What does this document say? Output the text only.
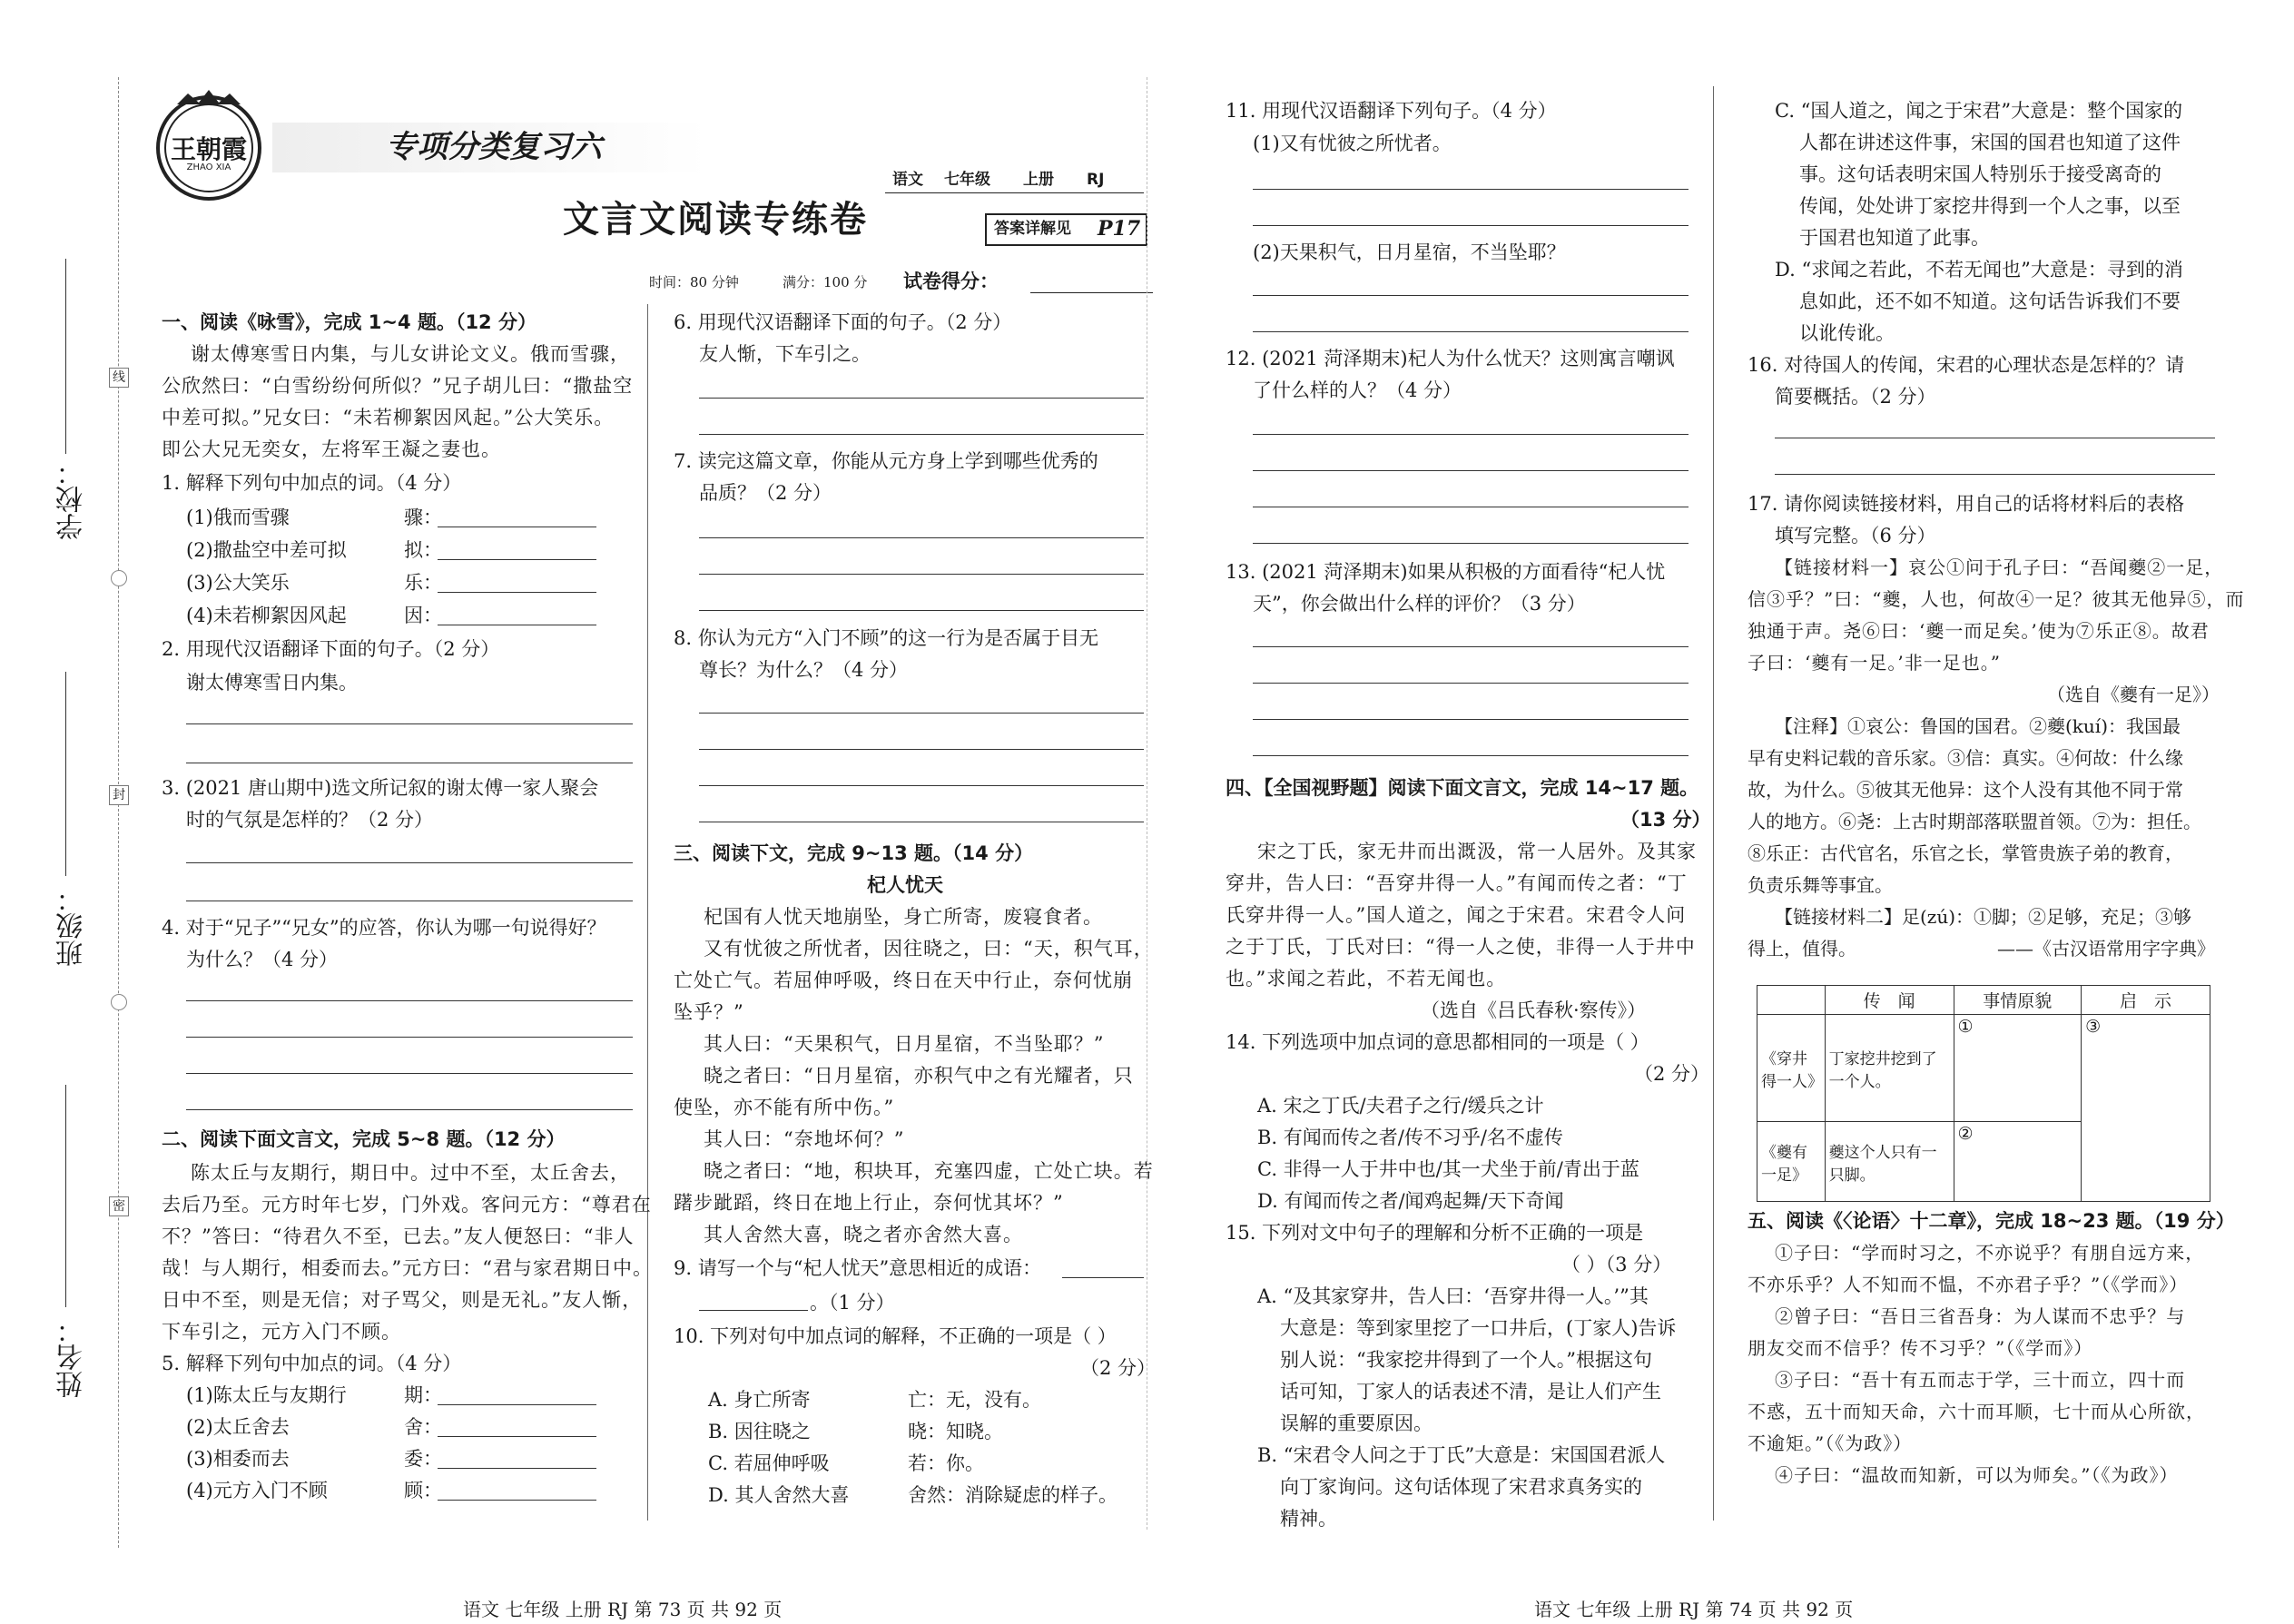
学校：
班级：
姓名：
线
封
密
王朝霞
ZHAO XIA
专项分类复习六
语文 七年级 上册 RJ
文言文阅读专练卷	答案详解见 P17
时间：80 分钟	满分：100 分 试卷得分：
一、阅读《咏雪》，完成 1~4 题。（12 分）
谢太傅寒雪日内集，与儿女讲论文义。俄而雪骤，
公欣然曰：“白雪纷纷何所似？”兄子胡儿曰：“撒盐空
中差可拟。”兄女曰：“未若柳絮因风起。”公大笑乐。
即公大兄无奕女，左将军王凝之妻也。
1. 解释下列句中加点的词。（4 分）
(1)俄而雪骤	骤：
(2)撒盐空中差可拟	拟：
(3)公大笑乐	乐：
(4)未若柳絮因风起	因：
2. 用现代汉语翻译下面的句子。（2 分）
谢太傅寒雪日内集。
3. (2021 唐山期中)选文所记叙的谢太傅一家人聚会
时的气氛是怎样的？（2 分）
4. 对于“兄子”“兄女”的应答，你认为哪一句说得好？
为什么？（4 分）
二、阅读下面文言文，完成 5~8 题。（12 分）
陈太丘与友期行，期日中。过中不至，太丘舍去，
去后乃至。元方时年七岁，门外戏。客问元方：“尊君在
不？”答曰：“待君久不至，已去。”友人便怒曰：“非人
哉！与人期行，相委而去。”元方曰：“君与家君期日中。
日中不至，则是无信；对子骂父，则是无礼。”友人惭，
下车引之，元方入门不顾。
5. 解释下列句中加点的词。（4 分）
(1)陈太丘与友期行	期：
(2)太丘舍去	舍：
(3)相委而去	委：
(4)元方入门不顾	顾：
6. 用现代汉语翻译下面的句子。（2 分）
友人惭，下车引之。
7. 读完这篇文章，你能从元方身上学到哪些优秀的
品质？（2 分）
8. 你认为元方“入门不顾”的这一行为是否属于目无
尊长？为什么？（4 分）
三、阅读下文，完成 9~13 题。（14 分）
杞人忧天
杞国有人忧天地崩坠，身亡所寄，废寝食者。
又有忧彼之所忧者，因往晓之，曰：“天，积气耳，
亡处亡气。若屈伸呼吸，终日在天中行止，奈何忧崩
坠乎？”
其人曰：“天果积气，日月星宿，不当坠耶？”
晓之者曰：“日月星宿，亦积气中之有光耀者，只
使坠，亦不能有所中伤。”
其人曰：“奈地坏何？”
晓之者曰：“地，积块耳，充塞四虚，亡处亡块。若
躇步跐蹈，终日在地上行止，奈何忧其坏？”
其人舍然大喜，晓之者亦舍然大喜。
9. 请写一个与“杞人忧天”意思相近的成语：
。（1 分）
10. 下列对句中加点词的解释，不正确的一项是（ ）
（2 分）
A. 身亡所寄	亡：无，没有。
B. 因往晓之	晓：知晓。
C. 若屈伸呼吸	若：你。
D. 其人舍然大喜	舍然：消除疑虑的样子。
11. 用现代汉语翻译下列句子。（4 分）
(1)又有忧彼之所忧者。
(2)天果积气，日月星宿，不当坠耶？
12. (2021 菏泽期末)杞人为什么忧天？这则寓言嘲讽
了什么样的人？（4 分）
13. (2021 菏泽期末)如果从积极的方面看待“杞人忧
天”，你会做出什么样的评价？（3 分）
四、【全国视野题】阅读下面文言文，完成 14~17 题。
（13 分）
宋之丁氏，家无井而出溉汲，常一人居外。及其家
穿井，告人曰：“吾穿井得一人。”有闻而传之者：“丁
氏穿井得一人。”国人道之，闻之于宋君。宋君令人问
之于丁氏，丁氏对曰：“得一人之使，非得一人于井中
也。”求闻之若此，不若无闻也。
（选自《吕氏春秋·察传》）
14. 下列选项中加点词的意思都相同的一项是（ ）
（2 分）
A. 宋之丁氏/夫君子之行/缓兵之计
B. 有闻而传之者/传不习乎/名不虚传
C. 非得一人于井中也/其一犬坐于前/青出于蓝
D. 有闻而传之者/闻鸡起舞/天下奇闻
15. 下列对文中句子的理解和分析不正确的一项是
（ ）（3 分）
A. “及其家穿井，告人曰：‘吾穿井得一人。’”其
大意是：等到家里挖了一口井后，(丁家人)告诉
别人说：“我家挖井得到了一个人。”根据这句
话可知，丁家人的话表述不清，是让人们产生
误解的重要原因。
B. “宋君令人问之于丁氏”大意是：宋国国君派人
向丁家询问。这句话体现了宋君求真务实的
精神。
C. “国人道之，闻之于宋君”大意是：整个国家的
人都在讲述这件事，宋国的国君也知道了这件
事。这句话表明宋国人特别乐于接受离奇的
传闻，处处讲丁家挖井得到一个人之事，以至
于国君也知道了此事。
D. “求闻之若此，不若无闻也”大意是：寻到的消
息如此，还不如不知道。这句话告诉我们不要
以讹传讹。
16. 对待国人的传闻，宋君的心理状态是怎样的？请
简要概括。（2 分）
17. 请你阅读链接材料，用自己的话将材料后的表格
填写完整。（6 分）
【链接材料一】哀公①问于孔子曰：“吾闻夔②一足，
信③乎？”曰：“夔，人也，何故④一足？彼其无他异⑤，而
独通于声。尧⑥曰：‘夔一而足矣。’使为⑦乐正⑧。故君
子曰：‘夔有一足。’非一足也。”
（选自《夔有一足》）
【注释】①哀公：鲁国的国君。②夔(kuí)：我国最
早有史料记载的音乐家。③信：真实。④何故：什么缘
故，为什么。⑤彼其无他异：这个人没有其他不同于常
人的地方。⑥尧：上古时期部落联盟首领。⑦为：担任。
⑧乐正：古代官名，乐官之长，掌管贵族子弟的教育，
负责乐舞等事宜。
【链接材料二】足(zú)：①脚；②足够，充足；③够
得上，值得。	——《古汉语常用字字典》
	传　闻	事情原貌	启　示
《穿井得一人》	丁家挖井挖到了一个人。	①	③
《夔有一足》	夔这个人只有一只脚。	②	
五、阅读《〈论语〉十二章》，完成 18~23 题。（19 分）
①子曰：“学而时习之，不亦说乎？有朋自远方来，
不亦乐乎？人不知而不愠，不亦君子乎？”（《学而》）
②曾子曰：“吾日三省吾身：为人谋而不忠乎？与
朋友交而不信乎？传不习乎？”（《学而》）
③子曰：“吾十有五而志于学，三十而立，四十而
不惑，五十而知天命，六十而耳顺，七十而从心所欲，
不逾矩。”（《为政》）
④子曰：“温故而知新，可以为师矣。”（《为政》）
语文 七年级 上册 RJ 第 73 页 共 92 页	语文 七年级 上册 RJ 第 74 页 共 92 页
